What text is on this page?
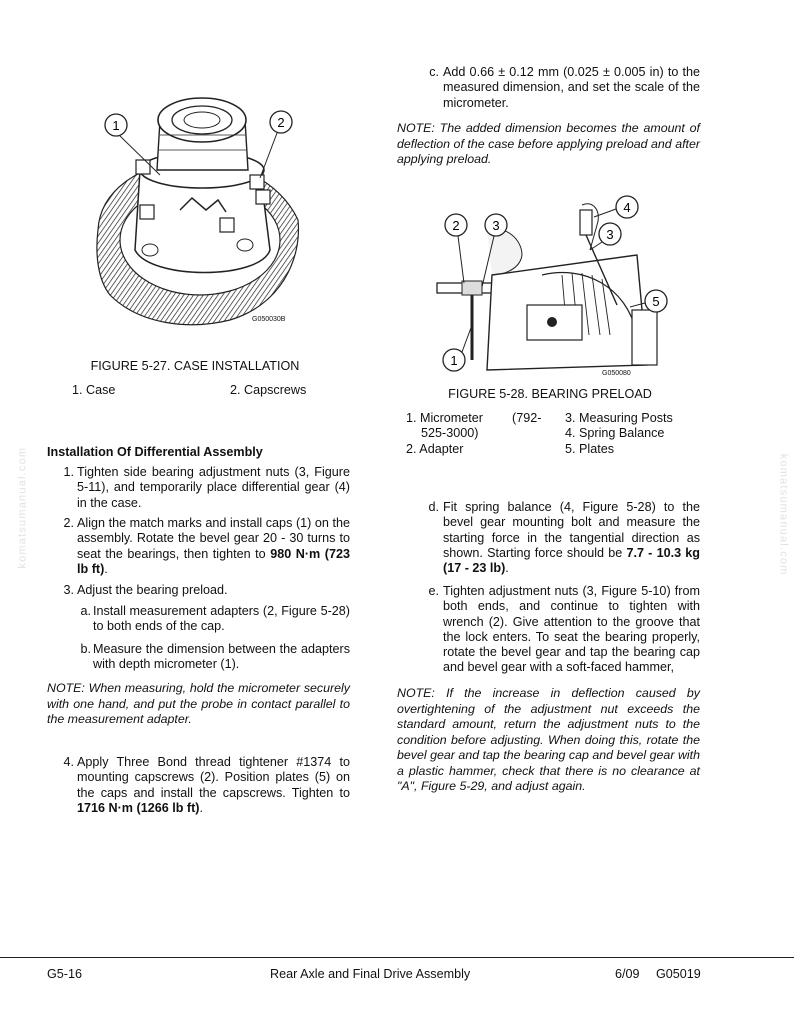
komatsumanual.com	komatsumanual.com
1	2
G050030B
FIGURE 5-27. CASE INSTALLATION
1. Case	2. Capscrews
Installation Of Differential Assembly
1. Tighten side bearing adjustment nuts (3, Figure 5-11), and temporarily place differential gear (4) in the case.
2. Align the match marks and install caps (1) on the assembly. Rotate the bevel gear 20 - 30 turns to seat the bearings, then tighten to 980 N·m (723 lb ft).
3. Adjust the bearing preload.
a. Install measurement adapters (2, Figure 5-28) to both ends of the cap.
b. Measure the dimension between the adapters with depth micrometer (1).
NOTE: When measuring, hold the micrometer securely with one hand, and put the probe in contact parallel to the measurement adapter.
4. Apply Three Bond thread tightener #1374 to mounting capscrews (2). Position plates (5) on the caps and install the capscrews. Tighten to 1716 N·m (1266 lb ft).
c. Add 0.66 ± 0.12 mm (0.025 ± 0.005 in) to the measured dimension, and set the scale of the micrometer.
NOTE: The added dimension becomes the amount of deflection of the case before applying preload and after applying preload.
2	3
4
3
5
1
G050080
FIGURE 5-28. BEARING PRELOAD
1. Micrometer (792-
525-3000)
2. Adapter
3. Measuring Posts
4. Spring Balance
5. Plates
d. Fit spring balance (4, Figure 5-28) to the bevel gear mounting bolt and measure the starting force in the tangential direction as shown. Starting force should be 7.7 - 10.3 kg (17 - 23 lb).
e. Tighten adjustment nuts (3, Figure 5-10) from both ends, and continue to tighten with wrench (2). Give attention to the groove that the lock enters. To seat the bearing properly, rotate the bevel gear and tap the bearing cap and bevel gear with a soft-faced hammer,
NOTE: If the increase in deflection caused by overtightening of the adjustment nut exceeds the standard amount, return the adjustment nuts to the condition before adjusting. When doing this, rotate the bevel gear and tap the bearing cap and bevel gear with a plastic hammer, check that there is no clearance at "A", Figure 5-29, and adjust again.
G5-16	Rear Axle and Final Drive Assembly	6/09 G05019
